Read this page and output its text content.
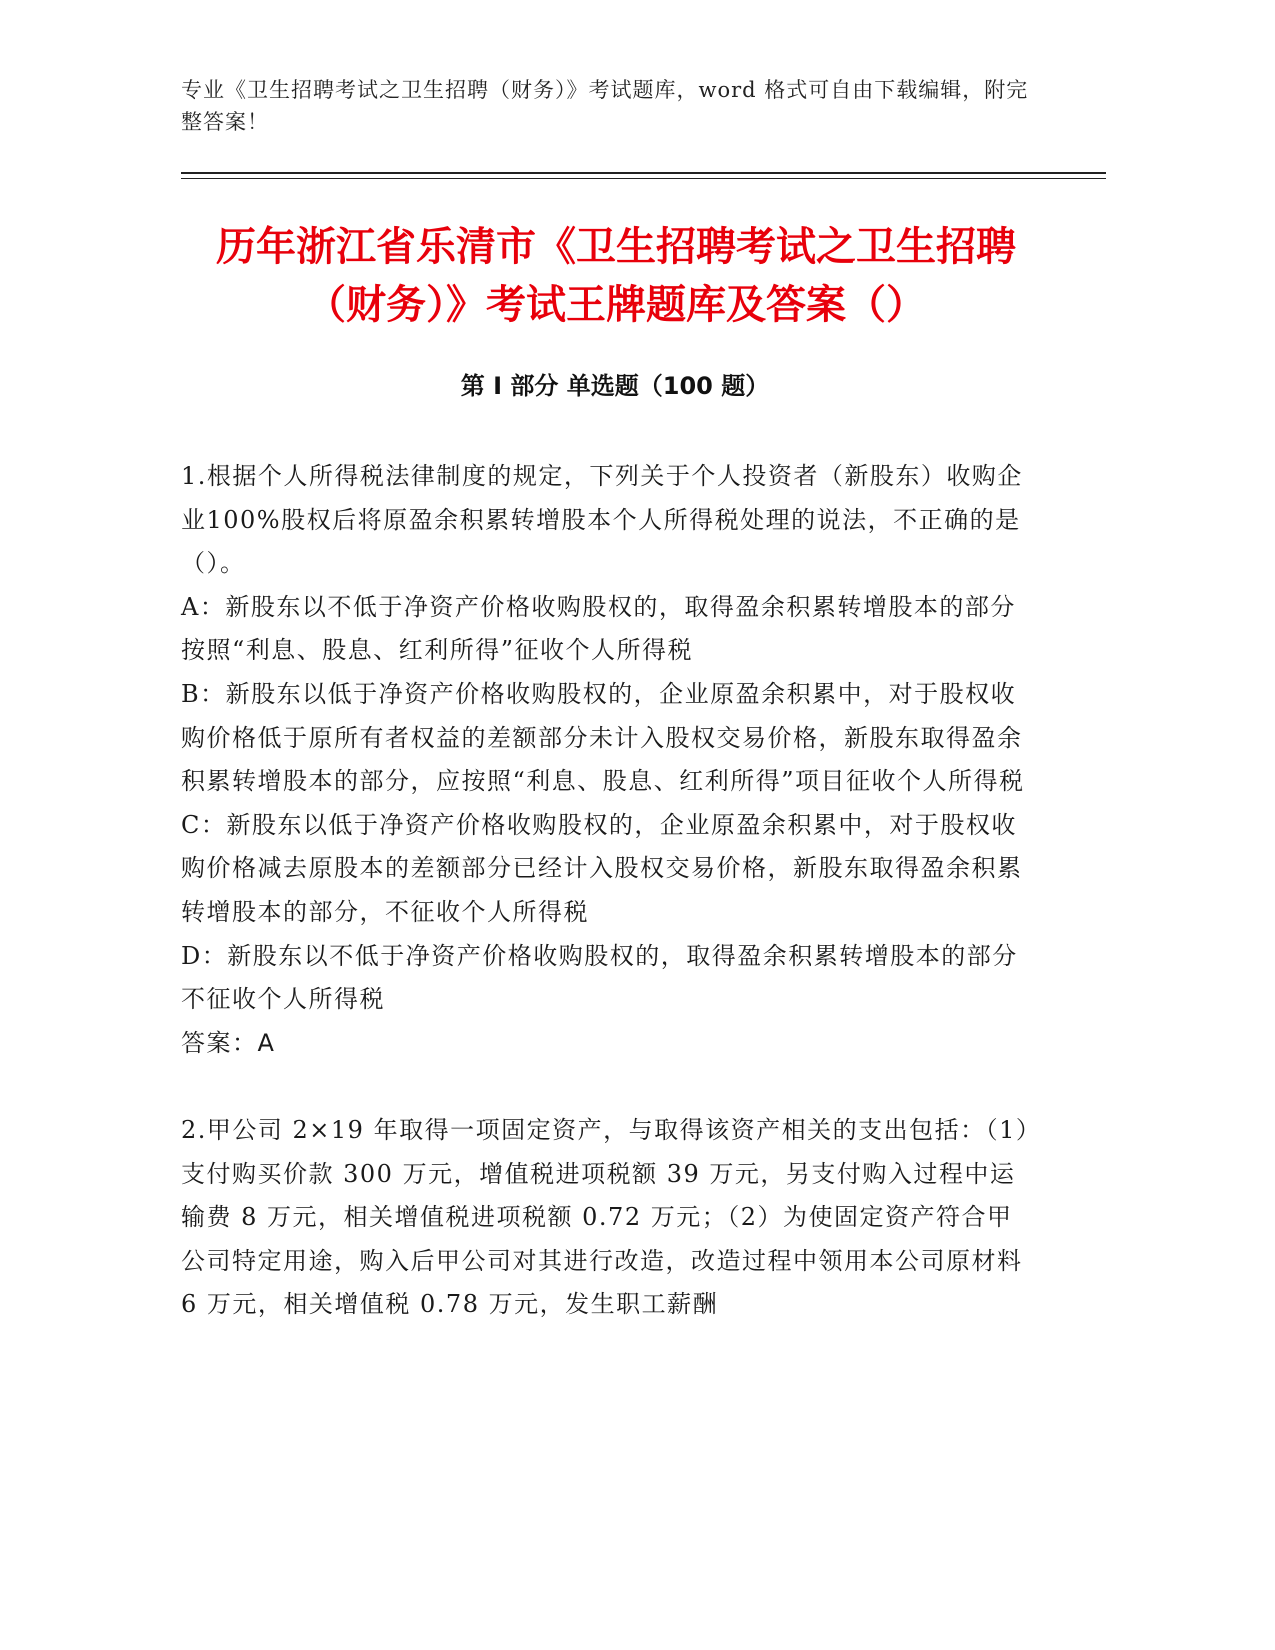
专业《卫生招聘考试之卫生招聘（财务）》考试题库，word 格式可自由下载编辑，附完整答案！
历年浙江省乐清市《卫生招聘考试之卫生招聘（财务）》考试王牌题库及答案（）
第 I 部分 单选题（100 题）

1.根据个人所得税法律制度的规定，下列关于个人投资者（新股东）收购企业100%股权后将原盈余积累转增股本个人所得税处理的说法，不正确的是（）。

A：新股东以不低于净资产价格收购股权的，取得盈余积累转增股本的部分按照“利息、股息、红利所得”征收个人所得税

B：新股东以低于净资产价格收购股权的，企业原盈余积累中，对于股权收购价格低于原所有者权益的差额部分未计入股权交易价格，新股东取得盈余积累转增股本的部分，应按照“利息、股息、红利所得”项目征收个人所得税

C：新股东以低于净资产价格收购股权的，企业原盈余积累中，对于股权收购价格减去原股本的差额部分已经计入股权交易价格，新股东取得盈余积累转增股本的部分，不征收个人所得税

D：新股东以不低于净资产价格收购股权的，取得盈余积累转增股本的部分不征收个人所得税

答案：A

2.甲公司 2×19 年取得一项固定资产，与取得该资产相关的支出包括：（1）支付购买价款 300 万元，增值税进项税额 39 万元，另支付购入过程中运输费 8 万元，相关增值税进项税额 0.72 万元；（2）为使固定资产符合甲公司特定用途，购入后甲公司对其进行改造，改造过程中领用本公司原材料 6 万元，相关增值税 0.78 万元，发生职工薪酬
